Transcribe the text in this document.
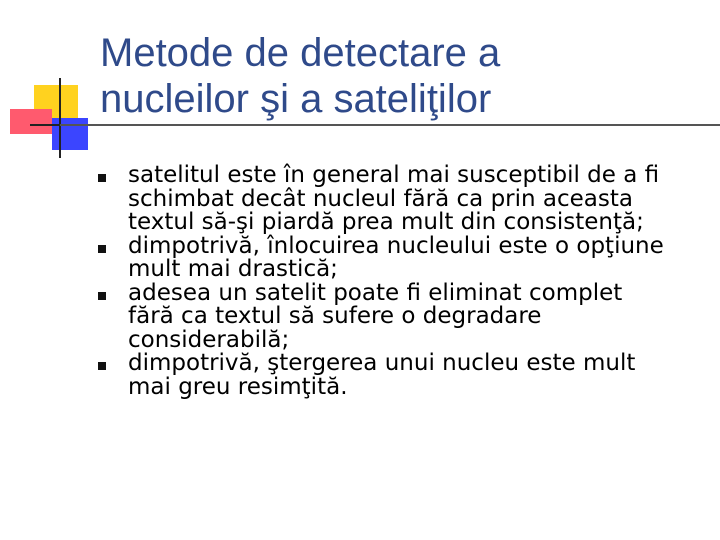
Metode de detectare a
nucleilor şi a sateliţilor
satelitul este în general mai susceptibil de a fi
schimbat decât nucleul fără ca prin aceasta
textul să-şi piardă prea mult din consistenţă;
dimpotrivă, înlocuirea nucleului este o opţiune
mult mai drastică;
adesea un satelit poate fi eliminat complet
fără ca textul să sufere o degradare
considerabilă;
dimpotrivă, ştergerea unui nucleu este mult
mai greu resimţită.
